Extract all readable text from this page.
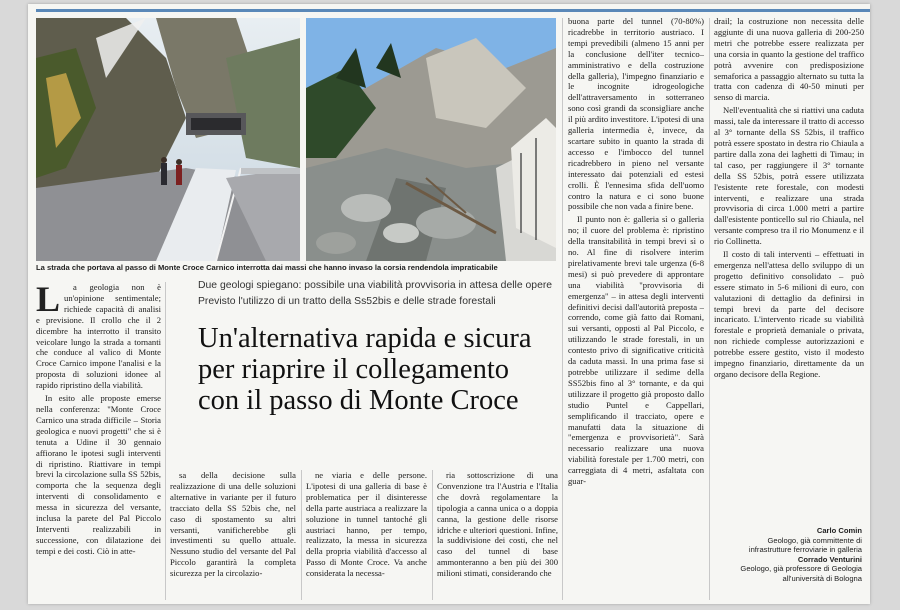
La strada che portava al passo di Monte Croce Carnico interrotta dai massi che hanno invaso la corsia rendendola impraticabile
Due geologi spiegano: possibile una viabilità provvisoria in attesa delle opere
Previsto l'utilizzo di un tratto della Ss52bis e delle strade forestali
Un'alternativa rapida e sicura
per riaprire il collegamento
con il passo di Monte Croce
L	a geologia non è un'opinione sentimentale; richiede capacità di analisi e previsione. Il crollo che il 2 dicembre ha interrotto il transito veicolare lungo la strada a tornanti che conduce al valico di Monte Croce Carnico impone l'analisi e la proposta di soluzioni idonee al rapido ripristino della viabilità.

In esito alle proposte emerse nella conferenza: "Monte Croce Carnico una strada difficile – Storia geologica e nuovi progetti" che si è tenuta a Udine il 30 gennaio affiorano le ipotesi sugli interventi di ripristino. Riattivare in tempi brevi la circolazione sulla SS 52bis, comporta che la sequenza degli interventi di consolidamento e messa in sicurezza del versante, inclusa la parete del Pal Piccolo Interventi realizzabili in successione, con dilatazione dei tempi e dei costi. Ciò in atte-

sa della decisione sulla realizzazione di una delle soluzioni alternative in variante per il futuro tracciato della SS 52bis che, nel caso di spostamento su altri versanti, vanificherebbe gli investimenti su quello attuale. Nessuno studio del versante del Pal Piccolo garantirà la completa sicurezza per la circolazio-

ne viaria e delle persone. L'ipotesi di una galleria di base è problematica per il disinteresse della parte austriaca a realizzare la soluzione in tunnel tantoché gli austriaci hanno, per tempo, realizzato, la messa in sicurezza della propria viabilità d'accesso al Passo di Monte Croce. Va anche considerata la necessa-

ria sottoscrizione di una Convenzione tra l'Austria e l'Italia che dovrà regolamentare la tipologia a canna unica o a doppia canna, la gestione delle risorse idriche e ulteriori questioni. Infine, la suddivisione dei costi, che nel caso del tunnel di base ammonteranno a ben più dei 300 milioni stimati, considerando che

buona parte del tunnel (70-80%) ricadrebbe in territorio austriaco. I tempi prevedibili (almeno 15 anni per la conclusione dell'iter tecnico–amministrativo e della costruzione della galleria), l'impegno finanziario e le incognite idrogeologiche dell'attraversamento in sotterraneo sono così grandi da sconsigliare anche il più ardito investitore. L'ipotesi di una galleria intermedia è, invece, da scartare subito in quanto la strada di accesso e l'imbocco del tunnel ricadrebbero in pieno nel versante interessato dai potenziali ed estesi crolli. È l'ennesima sfida dell'uomo contro la natura e ci sono buone possibile che non vada a finire bene.

Il punto non è: galleria sì o galleria no; il cuore del problema è: ripristino della transitabilità in tempi brevi sì o no. Al fine di risolvere interim pirelativamente brevi tale urgenza (6-8 mesi) si può prevedere di approntare una viabilità "provvisoria di emergenza" – in attesa degli interventi definitivi decisi dall'autorità preposta – correndo, come già fatto dai Romani, sui versanti, opposti al Pal Piccolo, e utilizzando le strade forestali, in un contesto privo di significative criticità da caduta massi. In una prima fase si potrebbe utilizzare il sedime della SS52bis fino al 3° tornante, e da qui utilizzare il progetto già proposto dallo studio Puntel e Cappellari, semplificando il tracciato, opere e manufatti data la situazione di "emergenza e provvisorietà". Sarà necessario realizzare una nuova viabilità forestale per 1.700 metri, con carreggiata di 4 metri, asfaltata con guar-

drail; la costruzione non necessita delle aggiunte di una nuova galleria di 200-250 metri che potrebbe essere realizzata per una corsia in quanto la gestione del traffico potrà avvenire con predisposizione semaforica a passaggio alternato su tutta la tratta con cadenza di 40-50 minuti per senso di marcia.

Nell'eventualità che si riattivi una caduta massi, tale da interessare il tratto di accesso al 3° tornante della SS 52bis, il traffico potrà essere spostato in destra rio Chiaula a partire dalla zona dei laghetti di Timau; in tal caso, per raggiungere il 3° tornante della SS 52bis, potrà essere utilizzata l'esistente rete forestale, con modesti interventi, e realizzare una strada provvisoria di circa 1.000 metri a partire dall'esistente ponticello sul rio Chiaula, nel versante compreso tra il rio Monumenz e il rio Collinetta.

Il costo di tali interventi – effettuati in emergenza nell'attesa dello sviluppo di un progetto definitivo consolidato – può essere stimato in 5-6 milioni di euro, con valutazioni di dettaglio da definirsi in tempi brevi da parte del decisore incaricato. L'intervento ricade su viabilità forestale e proprietà demaniale o privata, non richiede complesse autorizzazioni e potrebbe essere gestito, visto il modesto impegno finanziario, direttamente da un organo decisore della Regione.

Carlo Comin
Geologo, già committente di
infrastrutture ferroviarie in galleria
Corrado Venturini
Geologo, già professore di Geologia
all'università di Bologna
